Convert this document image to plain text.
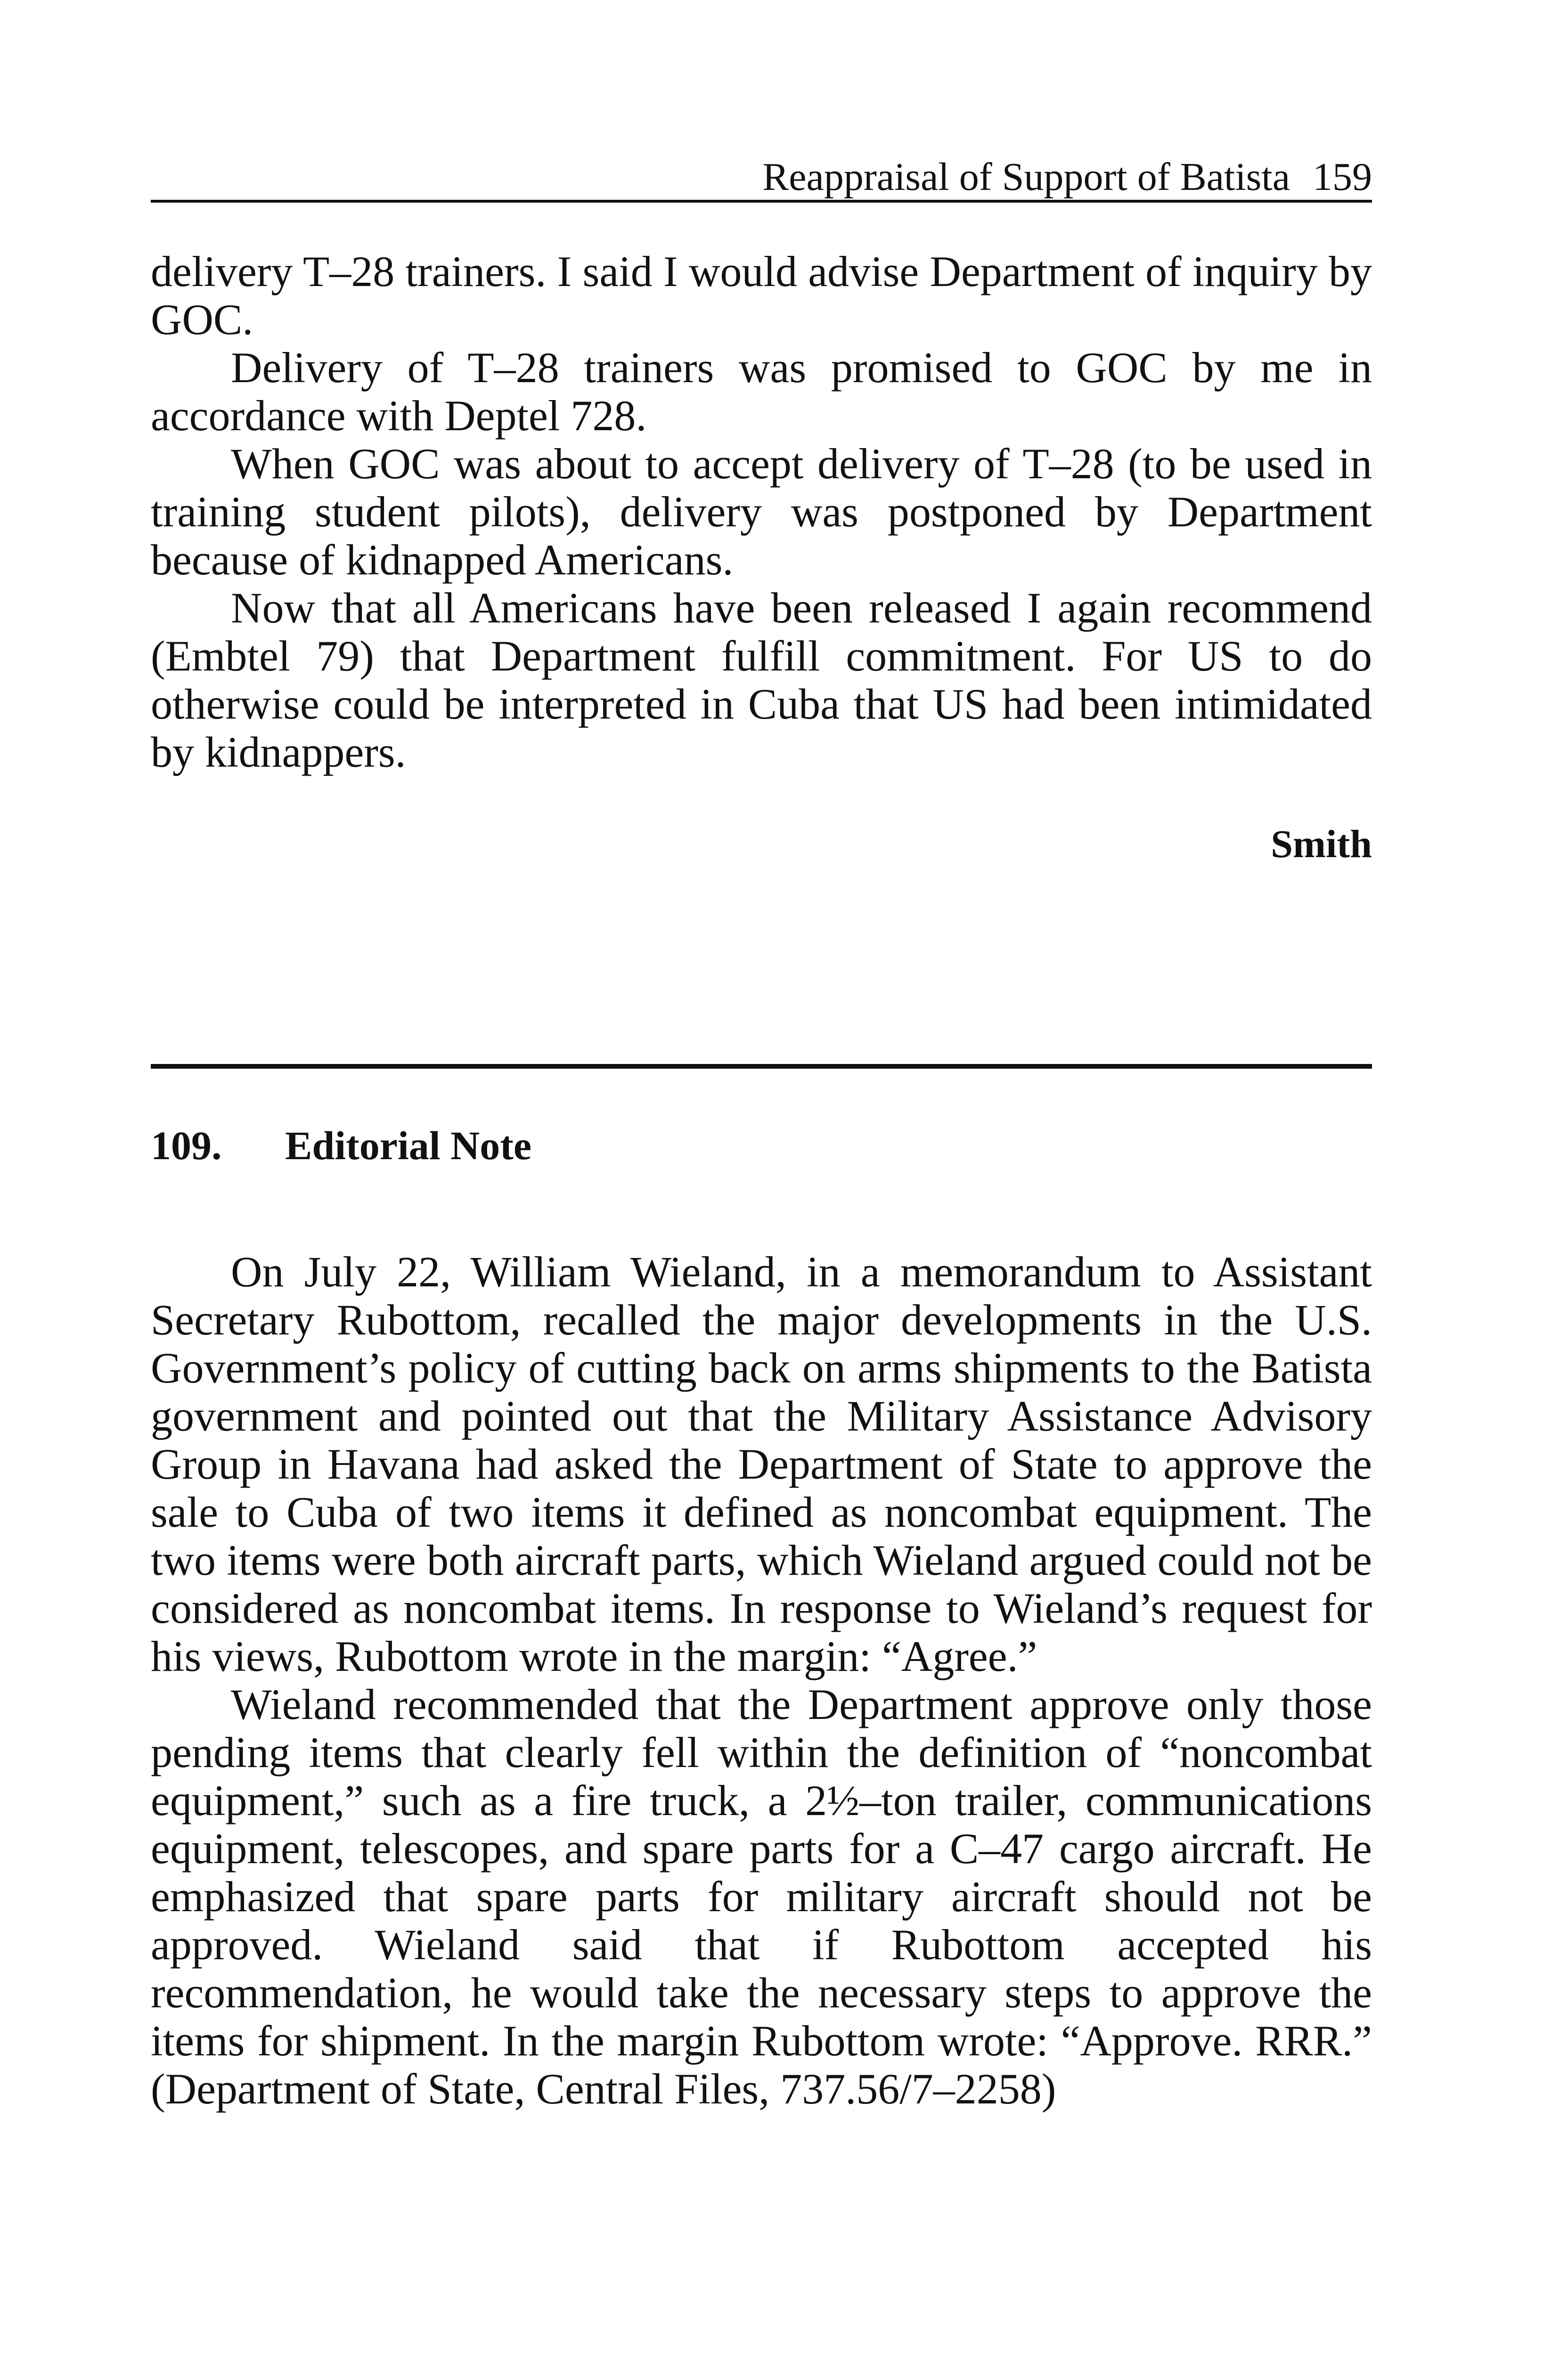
Reappraisal of Support of Batista 159

delivery T–28 trainers. I said I would advise Department of inquiry by GOC.

Delivery of T–28 trainers was promised to GOC by me in accordance with Deptel 728.

When GOC was about to accept delivery of T–28 (to be used in training student pilots), delivery was postponed by Department because of kidnapped Americans.

Now that all Americans have been released I again recommend (Embtel 79) that Department fulfill commitment. For US to do otherwise could be interpreted in Cuba that US had been intimidated by kidnappers.

Smith
109. Editorial Note

On July 22, William Wieland, in a memorandum to Assistant Secretary Rubottom, recalled the major developments in the U.S. Government’s policy of cutting back on arms shipments to the Batista government and pointed out that the Military Assistance Advisory Group in Havana had asked the Department of State to approve the sale to Cuba of two items it defined as noncombat equipment. The two items were both aircraft parts, which Wieland argued could not be considered as noncombat items. In response to Wieland’s request for his views, Rubottom wrote in the margin: “Agree.”

Wieland recommended that the Department approve only those pending items that clearly fell within the definition of “noncombat equipment,” such as a fire truck, a 2½–ton trailer, communications equipment, telescopes, and spare parts for a C–47 cargo aircraft. He emphasized that spare parts for military aircraft should not be approved. Wieland said that if Rubottom accepted his recommendation, he would take the necessary steps to approve the items for shipment. In the margin Rubottom wrote: “Approve. RRR.” (Department of State, Central Files, 737.56/7–2258)
